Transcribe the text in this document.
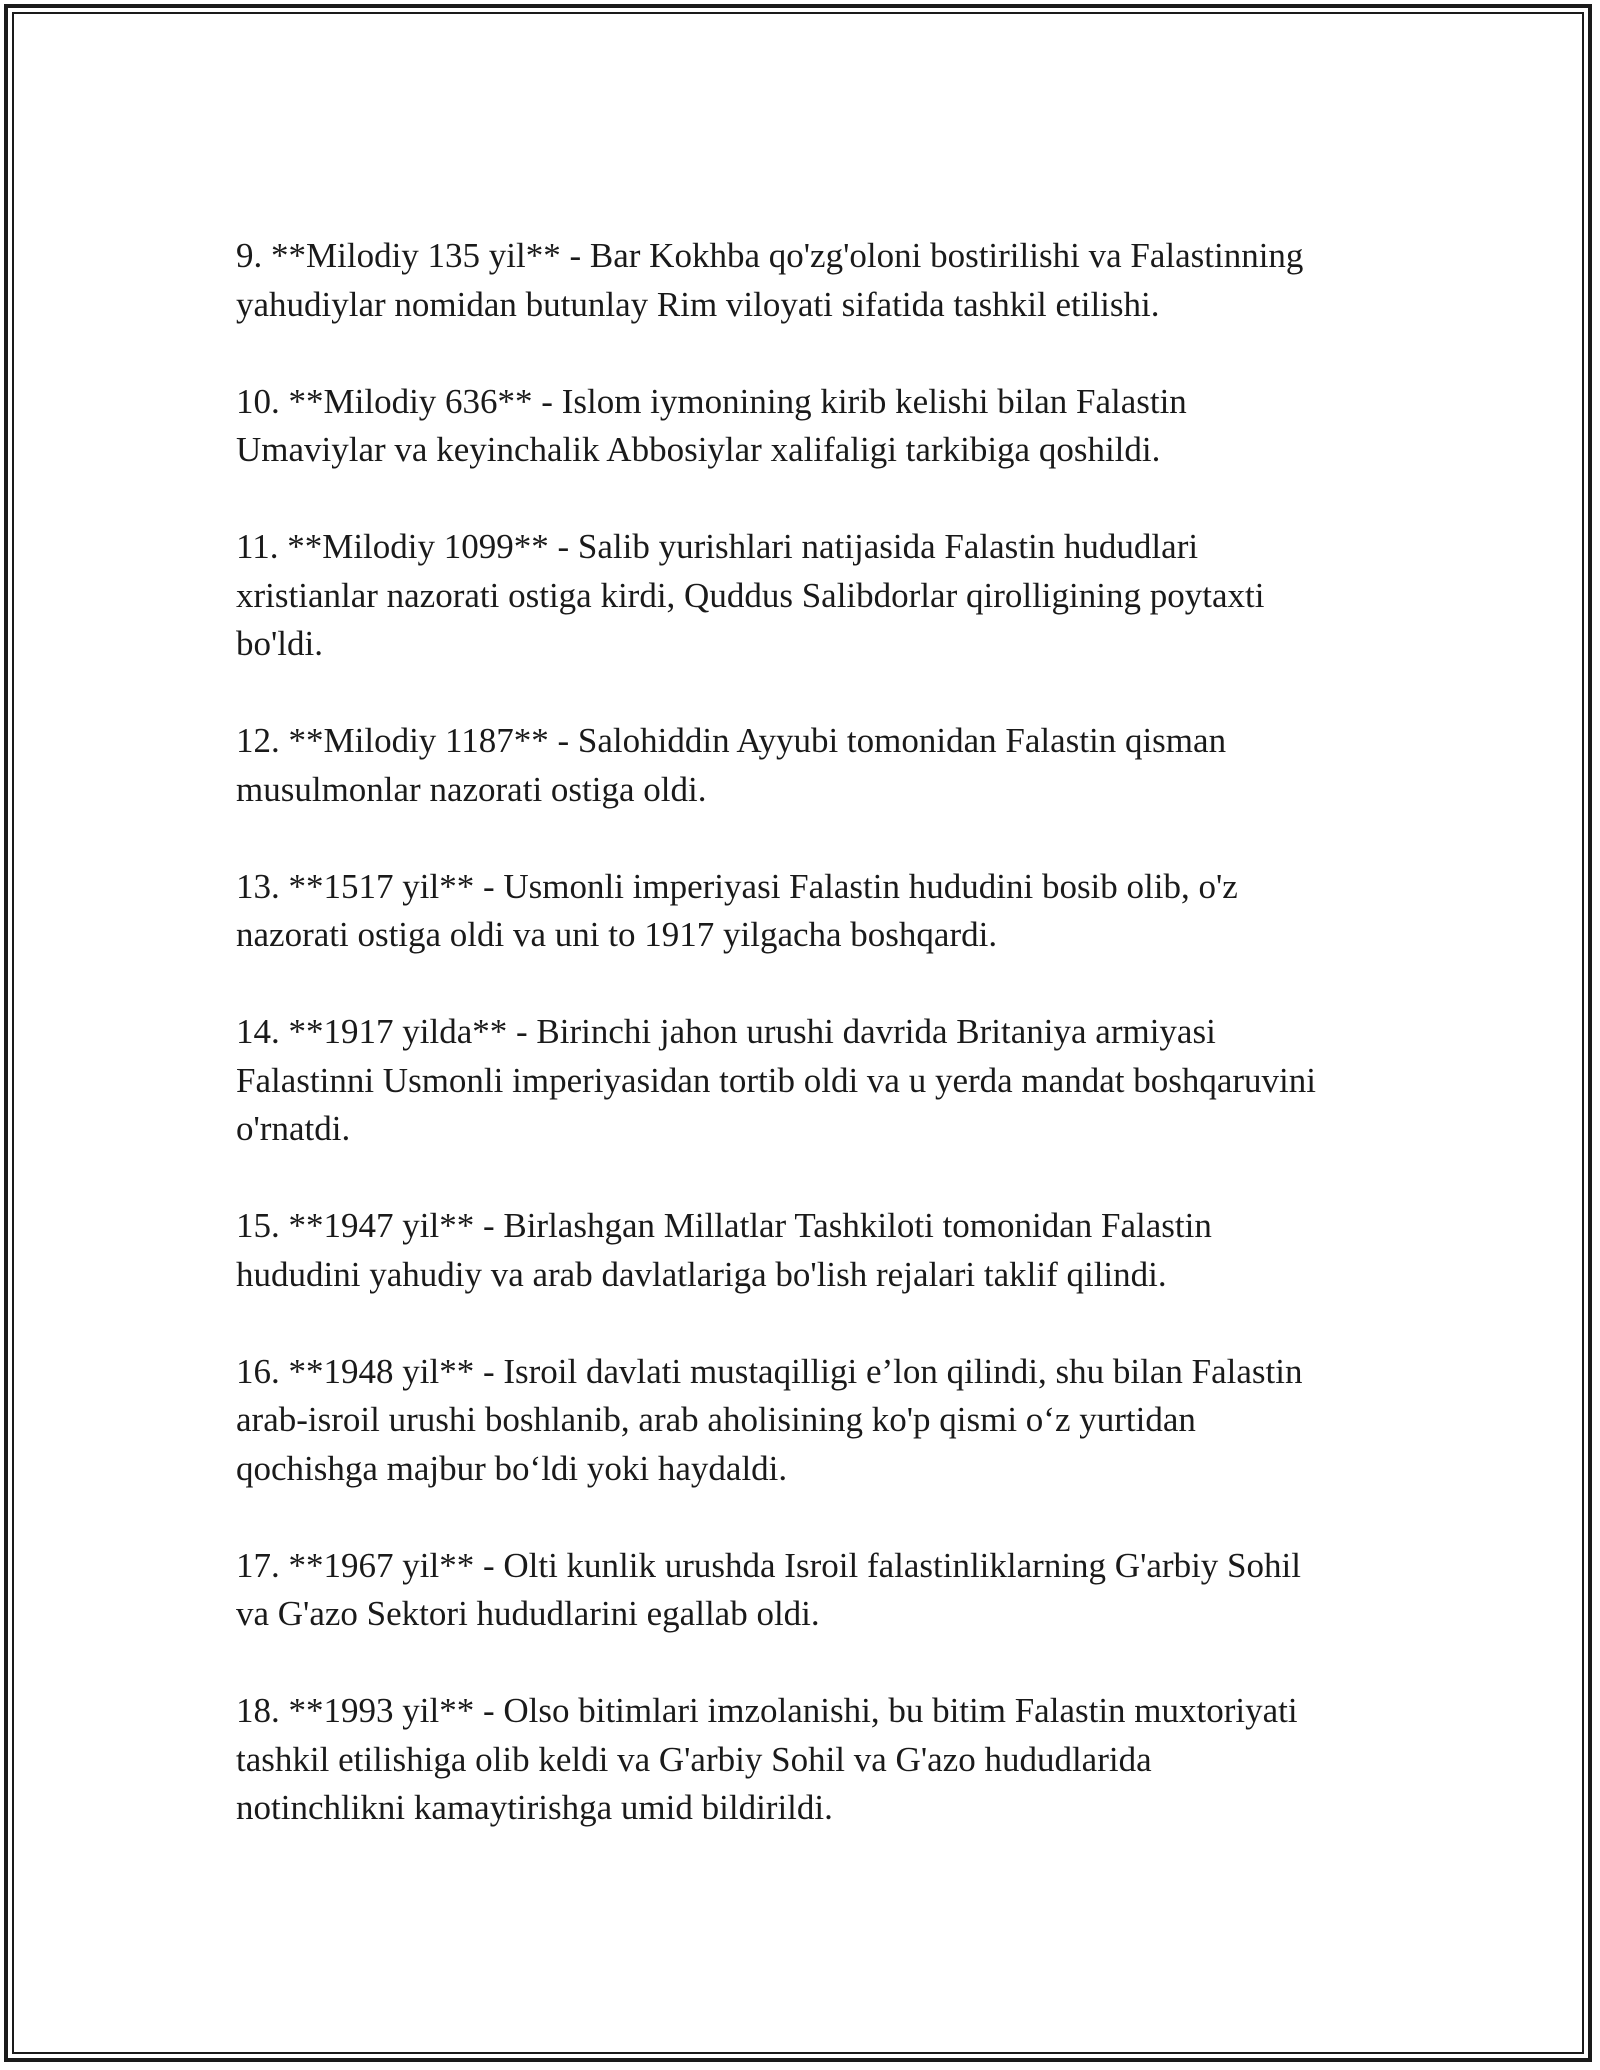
9. **Milodiy 135 yil** - Bar Kokhba qo'zg'oloni bostirilishi va Falastinning
yahudiylar nomidan butunlay Rim viloyati sifatida tashkil etilishi.

10. **Milodiy 636** - Islom iymonining kirib kelishi bilan Falastin
Umaviylar va keyinchalik Abbosiylar xalifaligi tarkibiga qoshildi.

11. **Milodiy 1099** - Salib yurishlari natijasida Falastin hududlari
xristianlar nazorati ostiga kirdi, Quddus Salibdorlar qirolligining poytaxti
bo'ldi.

12. **Milodiy 1187** - Salohiddin Ayyubi tomonidan Falastin qisman
musulmonlar nazorati ostiga oldi.

13. **1517 yil** - Usmonli imperiyasi Falastin hududini bosib olib, o'z
nazorati ostiga oldi va uni to 1917 yilgacha boshqardi.

14. **1917 yilda** - Birinchi jahon urushi davrida Britaniya armiyasi
Falastinni Usmonli imperiyasidan tortib oldi va u yerda mandat boshqaruvini
o'rnatdi.

15. **1947 yil** - Birlashgan Millatlar Tashkiloti tomonidan Falastin
hududini yahudiy va arab davlatlariga bo'lish rejalari taklif qilindi.

16. **1948 yil** - Isroil davlati mustaqilligi e’lon qilindi, shu bilan Falastin
arab-isroil urushi boshlanib, arab aholisining ko'p qismi o‘z yurtidan
qochishga majbur bo‘ldi yoki haydaldi.

17. **1967 yil** - Olti kunlik urushda Isroil falastinliklarning G'arbiy Sohil
va G'azo Sektori hududlarini egallab oldi.

18. **1993 yil** - Olso bitimlari imzolanishi, bu bitim Falastin muxtoriyati
tashkil etilishiga olib keldi va G'arbiy Sohil va G'azo hududlarida
notinchlikni kamaytirishga umid bildirildi.
